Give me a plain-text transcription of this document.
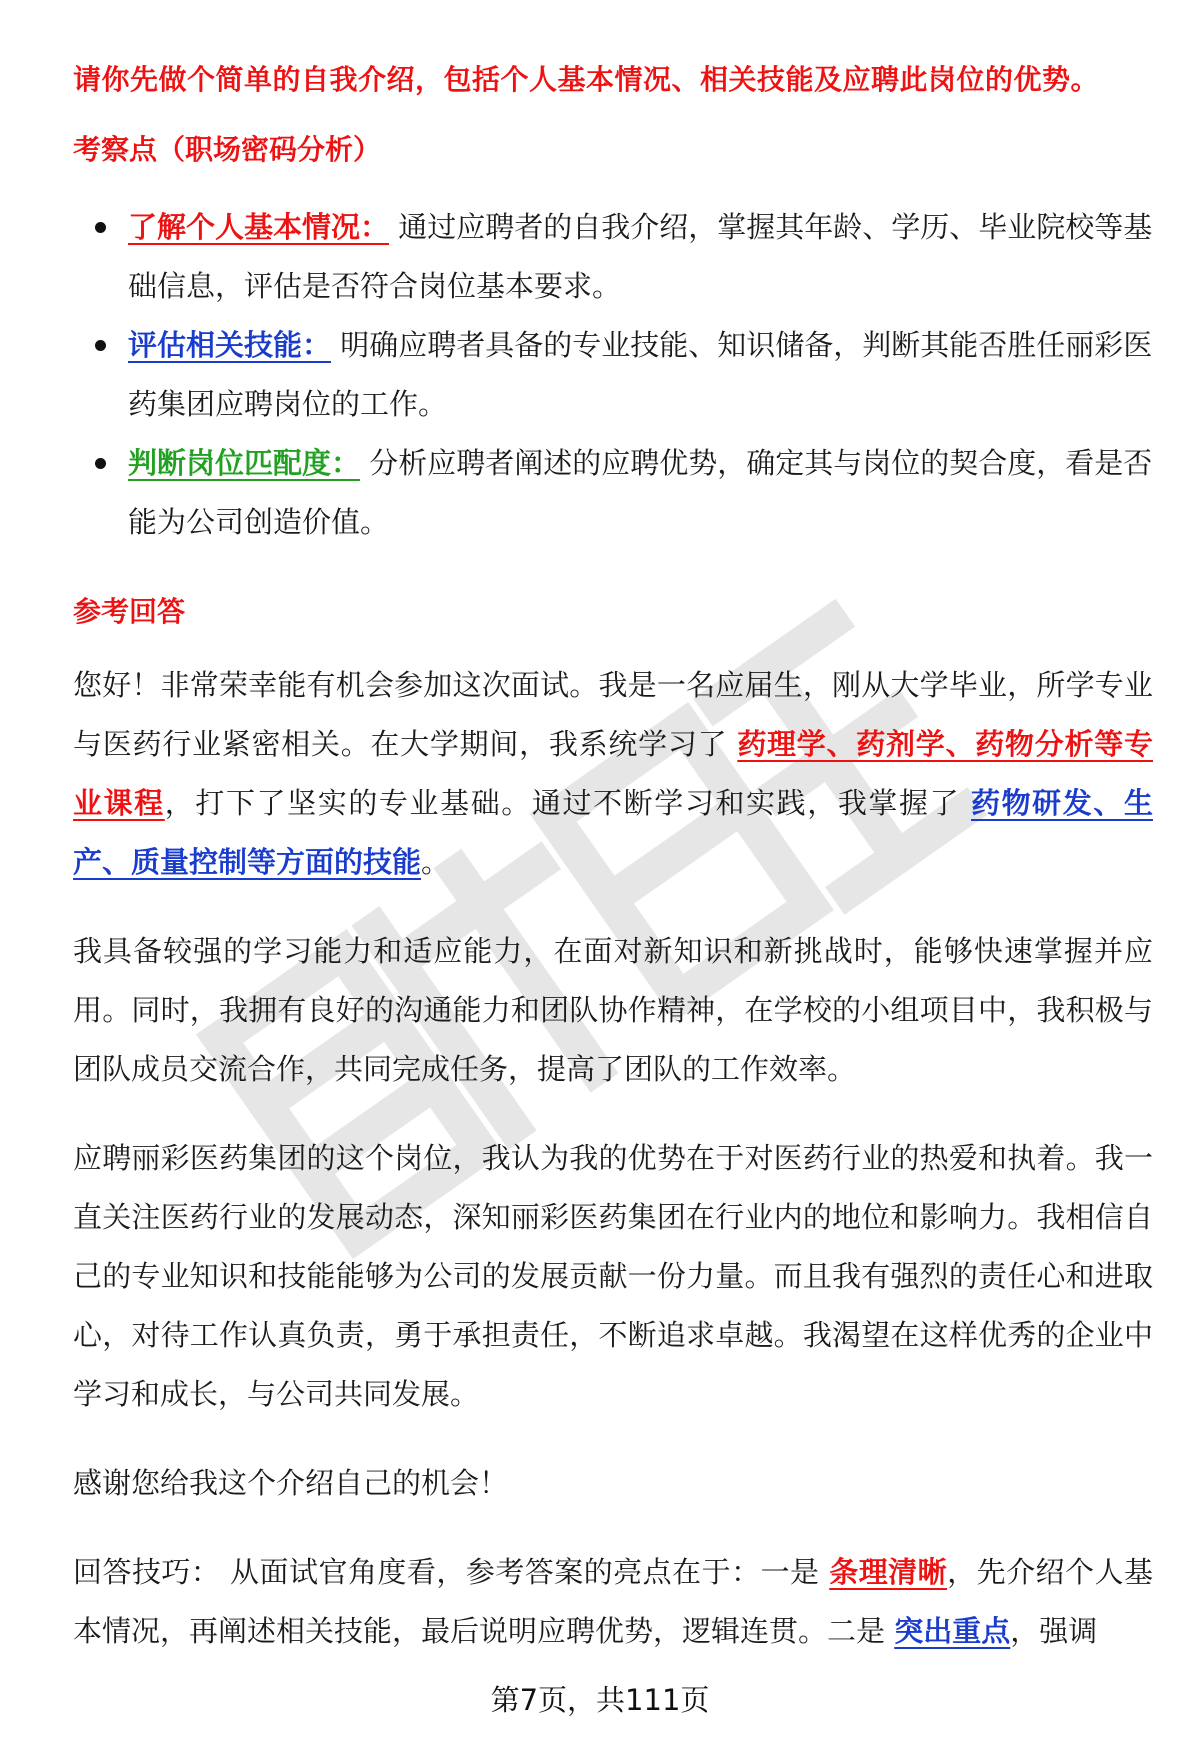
请你先做个简单的自我介绍，包括个人基本情况、相关技能及应聘此岗位的优势。
考察点（职场密码分析）
了解个人基本情况： 通过应聘者的自我介绍，掌握其年龄、学历、毕业院校等基础信息，评估是否符合岗位基本要求。
评估相关技能： 明确应聘者具备的专业技能、知识储备，判断其能否胜任丽彩医药集团应聘岗位的工作。
判断岗位匹配度： 分析应聘者阐述的应聘优势，确定其与岗位的契合度，看是否能为公司创造价值。
参考回答

您好！非常荣幸能有机会参加这次面试。我是一名应届生，刚从大学毕业，所学专业与医药行业紧密相关。在大学期间，我系统学习了 药理学、药剂学、药物分析等专业课程，打下了坚实的专业基础。通过不断学习和实践，我掌握了 药物研发、生产、质量控制等方面的技能。

我具备较强的学习能力和适应能力，在面对新知识和新挑战时，能够快速掌握并应用。同时，我拥有良好的沟通能力和团队协作精神，在学校的小组项目中，我积极与团队成员交流合作，共同完成任务，提高了团队的工作效率。

应聘丽彩医药集团的这个岗位，我认为我的优势在于对医药行业的热爱和执着。我一直关注医药行业的发展动态，深知丽彩医药集团在行业内的地位和影响力。我相信自己的专业知识和技能能够为公司的发展贡献一份力量。而且我有强烈的责任心和进取心，对待工作认真负责，勇于承担责任，不断追求卓越。我渴望在这样优秀的企业中学习和成长，与公司共同发展。

感谢您给我这个介绍自己的机会！

回答技巧： 从面试官角度看，参考答案的亮点在于：一是 条理清晰，先介绍个人基本情况，再阐述相关技能，最后说明应聘优势，逻辑连贯。二是 突出重点，强调

第7页，共111页
